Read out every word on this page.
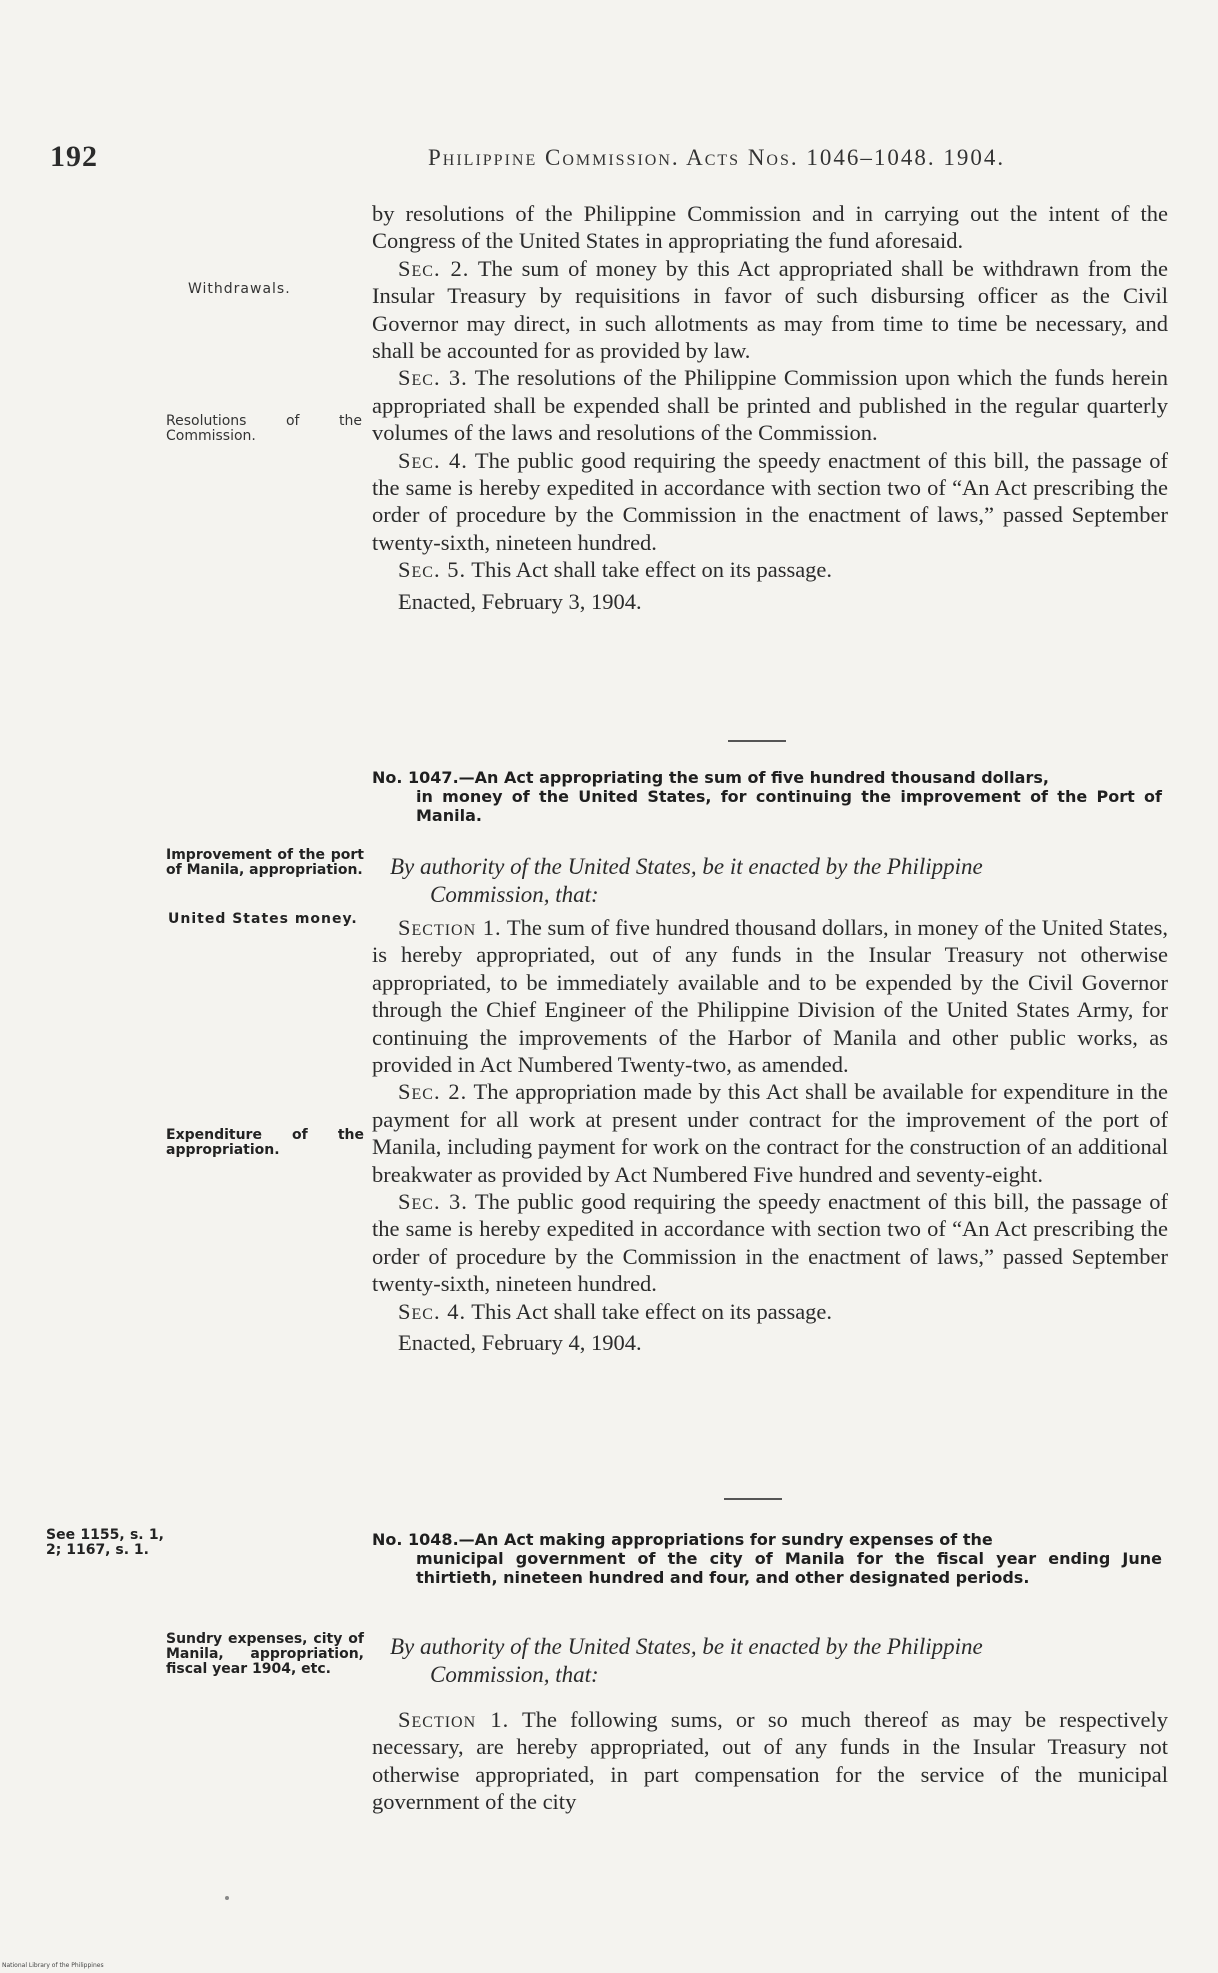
192	Philippine Commission. Acts Nos. 1046–1048. 1904.

by resolutions of the Philippine Commission and in carrying out the intent of the Congress of the United States in appropriating the fund aforesaid.

Sec. 2. The sum of money by this Act appropriated shall be withdrawn from the Insular Treasury by requisitions in favor of such disbursing officer as the Civil Governor may direct, in such allotments as may from time to time be necessary, and shall be accounted for as provided by law.

Sec. 3. The resolutions of the Philippine Commission upon which the funds herein appropriated shall be expended shall be printed and published in the regular quarterly volumes of the laws and resolutions of the Commission.

Sec. 4. The public good requiring the speedy enactment of this bill, the passage of the same is hereby expedited in accordance with section two of “An Act prescribing the order of procedure by the Commission in the enactment of laws,” passed September twenty-sixth, nineteen hundred.

Sec. 5. This Act shall take effect on its passage.

Enacted, February 3, 1904.

Withdrawals.
Resolutions of the Commission.
No. 1047.—An Act appropriating the sum of five hundred thousand dollars,
in money of the United States, for continuing the improvement of the Port of Manila.
Improvement of the port of Manila, appropriation. By authority of the United States, be it enacted by the Philippine
Commission, that:
United States money.	Section 1. The sum of five hundred thousand dollars, in money of the United States, is hereby appropriated, out of any funds in the Insular Treasury not otherwise appropriated, to be immediately available and to be expended by the Civil Governor through the Chief Engineer of the Philippine Division of the United States Army, for continuing the improvements of the Harbor of Manila and other public works, as provided in Act Numbered Twenty-two, as amended.

Sec. 2. The appropriation made by this Act shall be available for expenditure in the payment for all work at present under contract for the improvement of the port of Manila, including payment for work on the contract for the construction of an additional breakwater as provided by Act Numbered Five hundred and seventy-eight.

Sec. 3. The public good requiring the speedy enactment of this bill, the passage of the same is hereby expedited in accordance with section two of “An Act prescribing the order of procedure by the Commission in the enactment of laws,” passed September twenty-sixth, nineteen hundred.

Sec. 4. This Act shall take effect on its passage.

Enacted, February 4, 1904.

Expenditure of the appropriation.
See 1155, s. 1, 2; 1167, s. 1.
No. 1048.—An Act making appropriations for sundry expenses of the
municipal government of the city of Manila for the fiscal year ending June thirtieth, nineteen hundred and four, and other designated periods.
Sundry expenses, city of Manila, appropriation, fiscal year 1904, etc.
By authority of the United States, be it enacted by the Philippine
Commission, that:

Section 1. The following sums, or so much thereof as may be respectively necessary, are hereby appropriated, out of any funds in the Insular Treasury not otherwise appropriated, in part compensation for the service of the municipal government of the city

National Library of the Philippines
